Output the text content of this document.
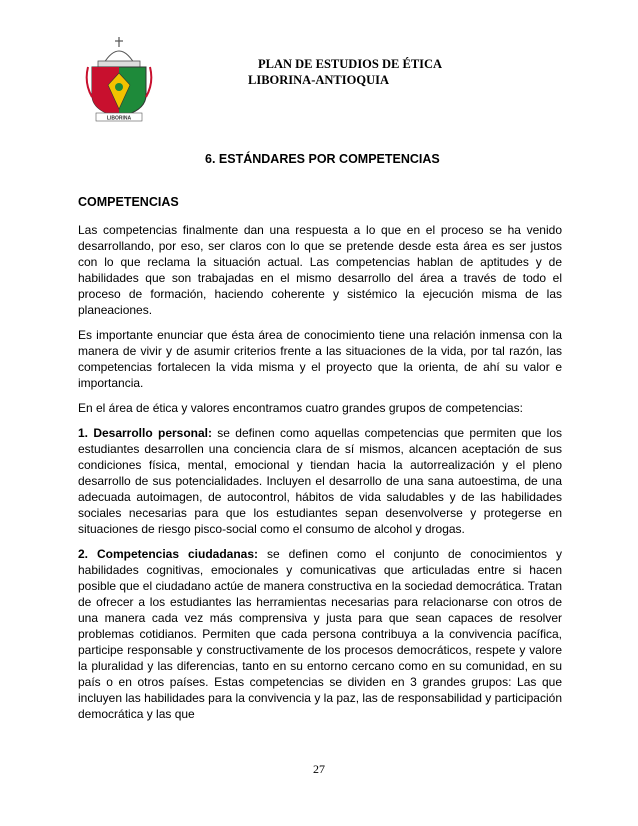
LIBORINA
PLAN DE ESTUDIOS DE ÉTICA
LIBORINA-ANTIOQUIA
6. ESTÁNDARES POR COMPETENCIAS
COMPETENCIAS

Las competencias finalmente dan una respuesta a lo que en el proceso se ha venido desarrollando, por eso, ser claros con lo que se pretende desde esta área es ser justos con lo que reclama la situación actual. Las competencias hablan de aptitudes y de habilidades que son trabajadas en el mismo desarrollo del área a través de todo el proceso de formación, haciendo coherente y sistémico la ejecución misma de las planeaciones.

Es importante enunciar que ésta área de conocimiento tiene una relación inmensa con la manera de vivir y de asumir criterios frente a las situaciones de la vida, por tal razón, las competencias fortalecen la vida misma y el proyecto que la orienta, de ahí su valor e importancia.

En el área de ética y valores encontramos cuatro grandes grupos de competencias:

1. Desarrollo personal: se definen como aquellas competencias que permiten que los estudiantes desarrollen una conciencia clara de sí mismos, alcancen aceptación de sus condiciones física, mental, emocional y tiendan hacia la autorrealización y el pleno desarrollo de sus potencialidades. Incluyen el desarrollo de una sana autoestima, de una adecuada autoimagen, de autocontrol, hábitos de vida saludables y de las habilidades sociales necesarias para que los estudiantes sepan desenvolverse y protegerse en situaciones de riesgo pisco-social como el consumo de alcohol y drogas.

2. Competencias ciudadanas: se definen como el conjunto de conocimientos y habilidades cognitivas, emocionales y comunicativas que articuladas entre si hacen posible que el ciudadano actúe de manera constructiva en la sociedad democrática. Tratan de ofrecer a los estudiantes las herramientas necesarias para relacionarse con otros de una manera cada vez más comprensiva y justa para que sean capaces de resolver problemas cotidianos. Permiten que cada persona contribuya a la convivencia pacífica, participe responsable y constructivamente de los procesos democráticos, respete y valore la pluralidad y las diferencias, tanto en su entorno cercano como en su comunidad, en su país o en otros países. Estas competencias se dividen en 3 grandes grupos: Las que incluyen las habilidades para la convivencia y la paz, las de responsabilidad y participación democrática y las que

27
